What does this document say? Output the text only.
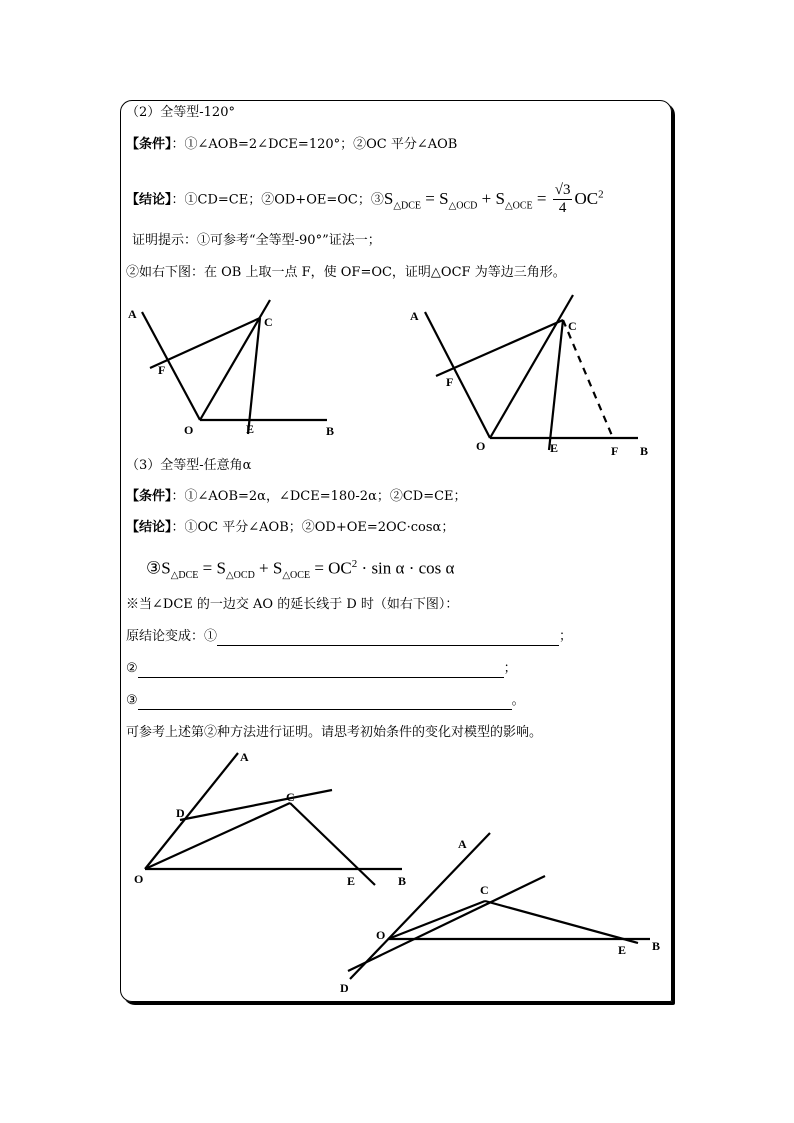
（2）全等型-120°
【条件】：①∠AOB=2∠DCE=120°；②OC 平分∠AOB
【结论】：①CD=CE；②OD+OE=OC；$③S_{\triangle DCE} = S_{\triangle OCD} + S_{\triangle OCE} = \frac{√3}{4} OC^2$
证明提示：①可参考“全等型-90°”证法一；
②如右下图：在 OB 上取一点 F，使 OF=OC，证明△OCF 为等边三角形。
A
C
F
O	E	B
A
C
F
O	E	F B
（3）全等型-任意角α
【条件】：①∠AOB=2α，∠DCE=180-2α；②CD=CE；
【结论】：①OC 平分∠AOB；②OD+OE=2OC·cosα；
$③S_{\triangle DCE} = S_{\triangle OCD} + S_{\triangle OCE} = OC^2 \cdot \sin \alpha \cdot \cos \alpha$
※当∠DCE 的一边交 AO 的延长线于 D 时（如右下图）：
原结论变成：①	；
②	；
③	。
可参考上述第②种方法进行证明。请思考初始条件的变化对模型的影响。
A
D
C
O	E	B
A
C
O
E B
D
